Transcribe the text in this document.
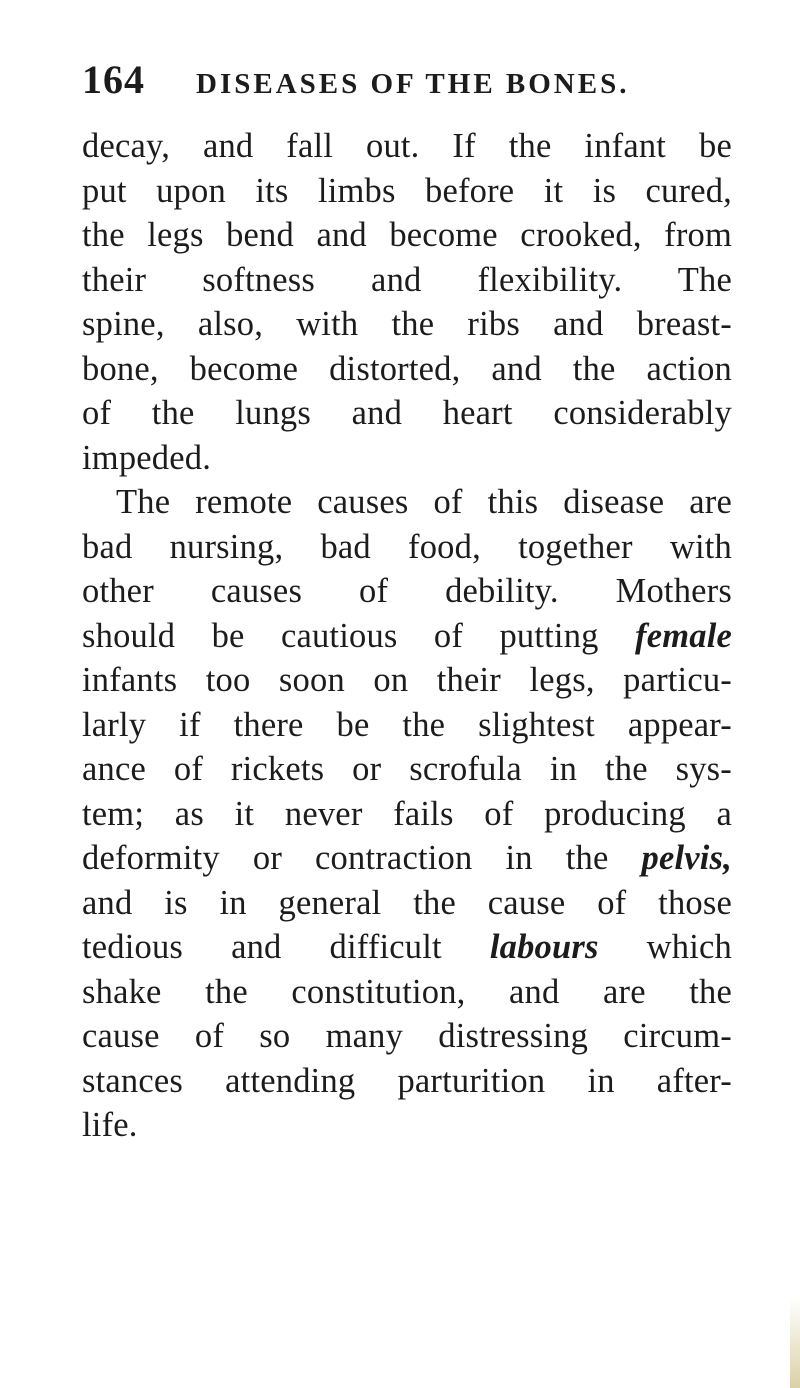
164	DISEASES OF THE BONES.
decay, and fall out. If the infant be
put upon its limbs before it is cured,
the legs bend and become crooked, from
their softness and flexibility. The
spine, also, with the ribs and breast-
bone, become distorted, and the action
of the lungs and heart considerably
impeded.
The remote causes of this disease are
bad nursing, bad food, together with
other causes of debility. Mothers
should be cautious of putting female
infants too soon on their legs, particu-
larly if there be the slightest appear-
ance of rickets or scrofula in the sys-
tem; as it never fails of producing a
deformity or contraction in the pelvis,
and is in general the cause of those
tedious and difficult labours which
shake the constitution, and are the
cause of so many distressing circum-
stances attending parturition in after-
life.
